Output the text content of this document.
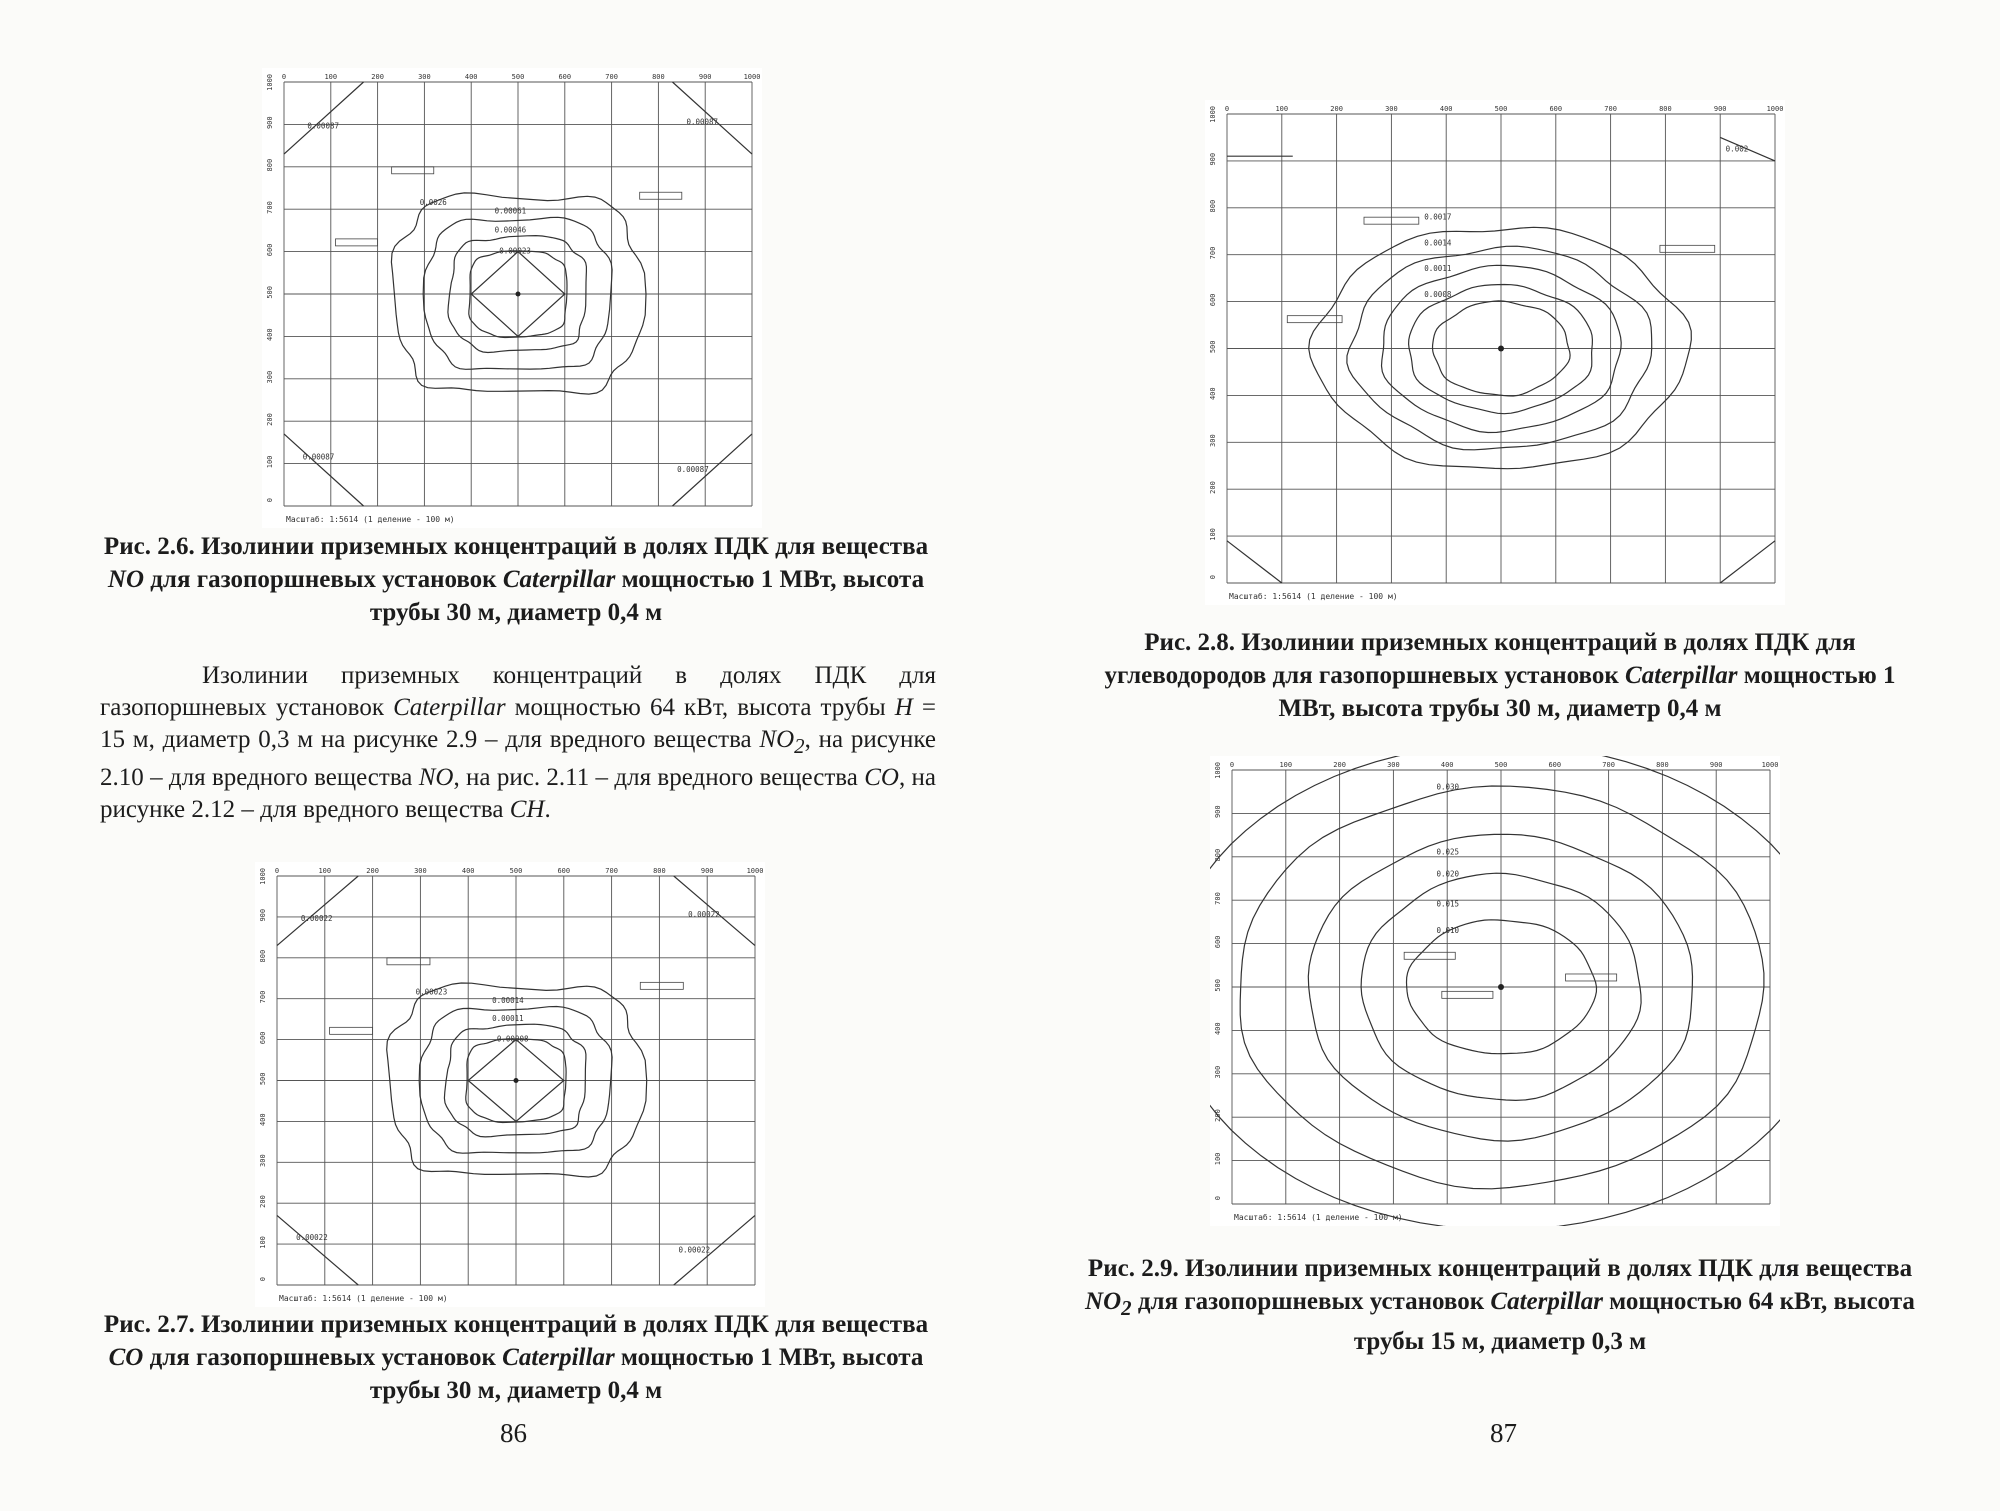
0
0
100
100
200
200
300
300
400
400
500
500
600
600
700
700
800
800
900
900
1000
1000
Масштаб: 1:5614 (1 деление - 100 м)
0.00087	0.00087
0.00087
0.00087
0.0026
0.00061
0.00046
0.00023
Рис. 2.6. Изолинии приземных концентраций в долях ПДК для вещества NO для газопоршневых установок Caterpillar мощностью 1 МВт, высота трубы 30 м, диаметр 0,4 м

Изолинии приземных концентраций в долях ПДК для газопоршневых установок Caterpillar мощностью 64 кВт, высота трубы H = 15 м, диаметр 0,3 м на рисунке 2.9 – для вредного вещества $NO_2$, на рисунке 2.10 – для вредного вещества NO, на рис. 2.11 – для вредного вещества CO, на рисунке 2.12 – для вредного вещества CH.

0
0
100
100
200
200
300
300
400
400
500
500
600
600
700
700
800
800
900
900
1000
1000
Масштаб: 1:5614 (1 деление - 100 м)
0.00022	0.00022
0.00022
0.00022
0.00023
0.00014
0.00011
0.00008
Рис. 2.7. Изолинии приземных концентраций в долях ПДК для вещества CO для газопоршневых установок Caterpillar мощностью 1 МВт, высота трубы 30 м, диаметр 0,4 м
86
0
0
100
100
200
200
300
300
400
400
500
500
600
600
700
700
800
800
900
900
1000
1000
Масштаб: 1:5614 (1 деление - 100 м)
0.002
0.0017
0.0014
0.0011
0.0008
Рис. 2.8. Изолинии приземных концентраций в долях ПДК для углеводородов для газопоршневых установок Caterpillar мощностью 1 МВт, высота трубы 30 м, диаметр 0,4 м
0
0
100
100
200
200
300
300
400
400
500
500
600
600
700
700
800
800
900
900
1000
1000
Масштаб: 1:5614 (1 деление - 100 м)
0.030
0.025
0.020
0.015
0.010
Рис. 2.9. Изолинии приземных концентраций в долях ПДК для вещества $NO_2$ для газопоршневых установок Caterpillar мощностью 64 кВт, высота трубы 15 м, диаметр 0,3 м
87
